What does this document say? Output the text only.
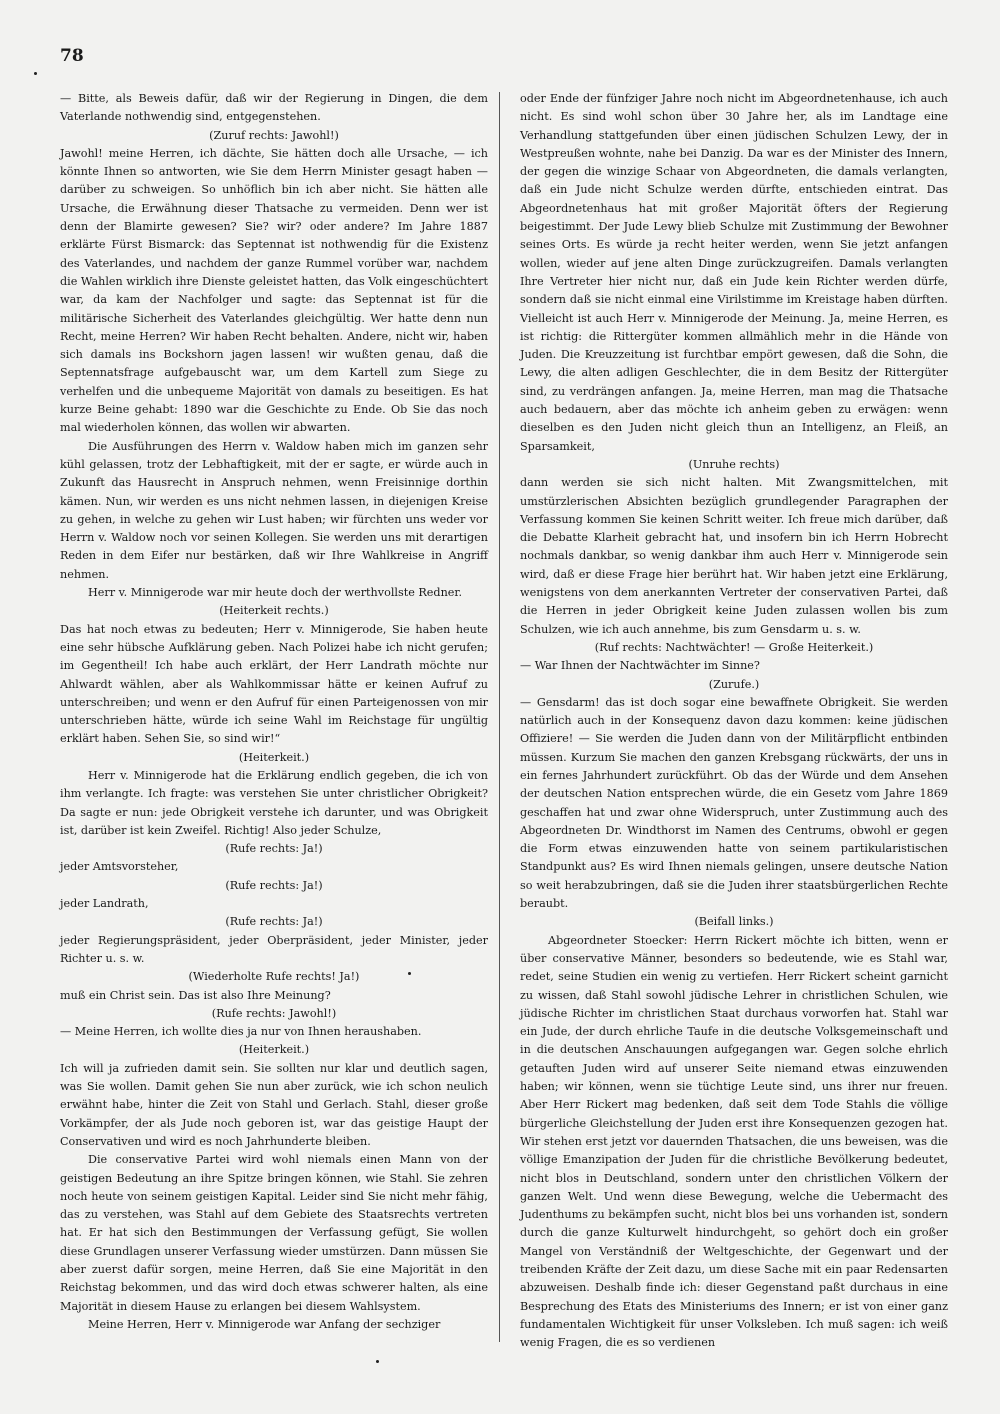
78

— Bitte, als Beweis dafür, daß wir der Regierung in Dingen, die dem Vaterlande nothwendig sind, entgegenstehen.

(Zuruf rechts: Jawohl!)

Jawohl! meine Herren, ich dächte, Sie hätten doch alle Ursache, — ich könnte Ihnen so antworten, wie Sie dem Herrn Minister gesagt haben — darüber zu schweigen. So unhöflich bin ich aber nicht. Sie hätten alle Ursache, die Erwähnung dieser Thatsache zu vermeiden. Denn wer ist denn der Blamirte gewesen? Sie? wir? oder andere? Im Jahre 1887 erklärte Fürst Bismarck: das Septennat ist nothwendig für die Existenz des Vaterlandes, und nachdem der ganze Rummel vorüber war, nachdem die Wahlen wirklich ihre Dienste geleistet hatten, das Volk eingeschüchtert war, da kam der Nachfolger und sagte: das Septennat ist für die militärische Sicherheit des Vaterlandes gleichgültig. Wer hatte denn nun Recht, meine Herren? Wir haben Recht behalten. Andere, nicht wir, haben sich damals ins Bockshorn jagen lassen! wir wußten genau, daß die Septennatsfrage aufgebauscht war, um dem Kartell zum Siege zu verhelfen und die unbequeme Majorität von damals zu beseitigen. Es hat kurze Beine gehabt: 1890 war die Geschichte zu Ende. Ob Sie das noch mal wiederholen können, das wollen wir abwarten.

Die Ausführungen des Herrn v. Waldow haben mich im ganzen sehr kühl gelassen, trotz der Lebhaftigkeit, mit der er sagte, er würde auch in Zukunft das Hausrecht in Anspruch nehmen, wenn Freisinnige dorthin kämen. Nun, wir werden es uns nicht nehmen lassen, in diejenigen Kreise zu gehen, in welche zu gehen wir Lust haben; wir fürchten uns weder vor Herrn v. Waldow noch vor seinen Kollegen. Sie werden uns mit derartigen Reden in dem Eifer nur bestärken, daß wir Ihre Wahlkreise in Angriff nehmen.

Herr v. Minnigerode war mir heute doch der werthvollste Redner.

(Heiterkeit rechts.)

Das hat noch etwas zu bedeuten; Herr v. Minnigerode, Sie haben heute eine sehr hübsche Aufklärung geben. Nach Polizei habe ich nicht gerufen; im Gegentheil! Ich habe auch erklärt, der Herr Landrath möchte nur Ahlwardt wählen, aber als Wahlkommissar hätte er keinen Aufruf zu unterschreiben; und wenn er den Aufruf für einen Parteigenossen von mir unterschrieben hätte, würde ich seine Wahl im Reichstage für ungültig erklärt haben. Sehen Sie, so sind wir!“

(Heiterkeit.)

Herr v. Minnigerode hat die Erklärung endlich gegeben, die ich von ihm verlangte. Ich fragte: was verstehen Sie unter christlicher Obrigkeit? Da sagte er nun: jede Obrigkeit verstehe ich darunter, und was Obrigkeit ist, darüber ist kein Zweifel. Richtig! Also jeder Schulze,

(Rufe rechts: Ja!)

jeder Amtsvorsteher,

(Rufe rechts: Ja!)

jeder Landrath,

(Rufe rechts: Ja!)

jeder Regierungspräsident, jeder Oberpräsident, jeder Minister, jeder Richter u. s. w.

(Wiederholte Rufe rechts! Ja!)

muß ein Christ sein. Das ist also Ihre Meinung?

(Rufe rechts: Jawohl!)

— Meine Herren, ich wollte dies ja nur von Ihnen heraushaben.

(Heiterkeit.)

Ich will ja zufrieden damit sein. Sie sollten nur klar und deutlich sagen, was Sie wollen. Damit gehen Sie nun aber zurück, wie ich schon neulich erwähnt habe, hinter die Zeit von Stahl und Gerlach. Stahl, dieser große Vorkämpfer, der als Jude noch geboren ist, war das geistige Haupt der Conservativen und wird es noch Jahrhunderte bleiben.

Die conservative Partei wird wohl niemals einen Mann von der geistigen Bedeutung an ihre Spitze bringen können, wie Stahl. Sie zehren noch heute von seinem geistigen Kapital. Leider sind Sie nicht mehr fähig, das zu verstehen, was Stahl auf dem Gebiete des Staatsrechts vertreten hat. Er hat sich den Bestimmungen der Verfassung gefügt, Sie wollen diese Grundlagen unserer Verfassung wieder umstürzen. Dann müssen Sie aber zuerst dafür sorgen, meine Herren, daß Sie eine Majorität in den Reichstag bekommen, und das wird doch etwas schwerer halten, als eine Majorität in diesem Hause zu erlangen bei diesem Wahlsystem.

Meine Herren, Herr v. Minnigerode war Anfang der sechziger

oder Ende der fünfziger Jahre noch nicht im Abgeordnetenhause, ich auch nicht. Es sind wohl schon über 30 Jahre her, als im Landtage eine Verhandlung stattgefunden über einen jüdischen Schulzen Lewy, der in Westpreußen wohnte, nahe bei Danzig. Da war es der Minister des Innern, der gegen die winzige Schaar von Abgeordneten, die damals verlangten, daß ein Jude nicht Schulze werden dürfte, entschieden eintrat. Das Abgeordnetenhaus hat mit großer Majorität öfters der Regierung beigestimmt. Der Jude Lewy blieb Schulze mit Zustimmung der Bewohner seines Orts. Es würde ja recht heiter werden, wenn Sie jetzt anfangen wollen, wieder auf jene alten Dinge zurückzugreifen. Damals verlangten Ihre Vertreter hier nicht nur, daß ein Jude kein Richter werden dürfe, sondern daß sie nicht einmal eine Virilstimme im Kreistage haben dürften. Vielleicht ist auch Herr v. Minnigerode der Meinung. Ja, meine Herren, es ist richtig: die Rittergüter kommen allmählich mehr in die Hände von Juden. Die Kreuzzeitung ist furchtbar empört gewesen, daß die Sohn, die Lewy, die alten adligen Geschlechter, die in dem Besitz der Rittergüter sind, zu verdrängen anfangen. Ja, meine Herren, man mag die Thatsache auch bedauern, aber das möchte ich anheim geben zu erwägen: wenn dieselben es den Juden nicht gleich thun an Intelligenz, an Fleiß, an Sparsamkeit,

(Unruhe rechts)

dann werden sie sich nicht halten. Mit Zwangsmittelchen, mit umstürzlerischen Absichten bezüglich grundlegender Paragraphen der Verfassung kommen Sie keinen Schritt weiter. Ich freue mich darüber, daß die Debatte Klarheit gebracht hat, und insofern bin ich Herrn Hobrecht nochmals dankbar, so wenig dankbar ihm auch Herr v. Minnigerode sein wird, daß er diese Frage hier berührt hat. Wir haben jetzt eine Erklärung, wenigstens von dem anerkannten Vertreter der conservativen Partei, daß die Herren in jeder Obrigkeit keine Juden zulassen wollen bis zum Schulzen, wie ich auch annehme, bis zum Gensdarm u. s. w.

(Ruf rechts: Nachtwächter! — Große Heiterkeit.)

— War Ihnen der Nachtwächter im Sinne?

(Zurufe.)

— Gensdarm! das ist doch sogar eine bewaffnete Obrigkeit. Sie werden natürlich auch in der Konsequenz davon dazu kommen: keine jüdischen Offiziere! — Sie werden die Juden dann von der Militärpflicht entbinden müssen. Kurzum Sie machen den ganzen Krebsgang rückwärts, der uns in ein fernes Jahrhundert zurückführt. Ob das der Würde und dem Ansehen der deutschen Nation entsprechen würde, die ein Gesetz vom Jahre 1869 geschaffen hat und zwar ohne Widerspruch, unter Zustimmung auch des Abgeordneten Dr. Windthorst im Namen des Centrums, obwohl er gegen die Form etwas einzuwenden hatte von seinem partikularistischen Standpunkt aus? Es wird Ihnen niemals gelingen, unsere deutsche Nation so weit herabzubringen, daß sie die Juden ihrer staatsbürgerlichen Rechte beraubt.

(Beifall links.)

Abgeordneter Stoecker: Herrn Rickert möchte ich bitten, wenn er über conservative Männer, besonders so bedeutende, wie es Stahl war, redet, seine Studien ein wenig zu vertiefen. Herr Rickert scheint garnicht zu wissen, daß Stahl sowohl jüdische Lehrer in christlichen Schulen, wie jüdische Richter im christlichen Staat durchaus vorworfen hat. Stahl war ein Jude, der durch ehrliche Taufe in die deutsche Volksgemeinschaft und in die deutschen Anschauungen aufgegangen war. Gegen solche ehrlich getauften Juden wird auf unserer Seite niemand etwas einzuwenden haben; wir können, wenn sie tüchtige Leute sind, uns ihrer nur freuen. Aber Herr Rickert mag bedenken, daß seit dem Tode Stahls die völlige bürgerliche Gleichstellung der Juden erst ihre Konsequenzen gezogen hat. Wir stehen erst jetzt vor dauernden Thatsachen, die uns beweisen, was die völlige Emanzipation der Juden für die christliche Bevölkerung bedeutet, nicht blos in Deutschland, sondern unter den christlichen Völkern der ganzen Welt. Und wenn diese Bewegung, welche die Uebermacht des Judenthums zu bekämpfen sucht, nicht blos bei uns vorhanden ist, sondern durch die ganze Kulturwelt hindurchgeht, so gehört doch ein großer Mangel von Verständniß der Weltgeschichte, der Gegenwart und der treibenden Kräfte der Zeit dazu, um diese Sache mit ein paar Redensarten abzuweisen. Deshalb finde ich: dieser Gegenstand paßt durchaus in eine Besprechung des Etats des Ministeriums des Innern; er ist von einer ganz fundamentalen Wichtigkeit für unser Volksleben. Ich muß sagen: ich weiß wenig Fragen, die es so verdienen
